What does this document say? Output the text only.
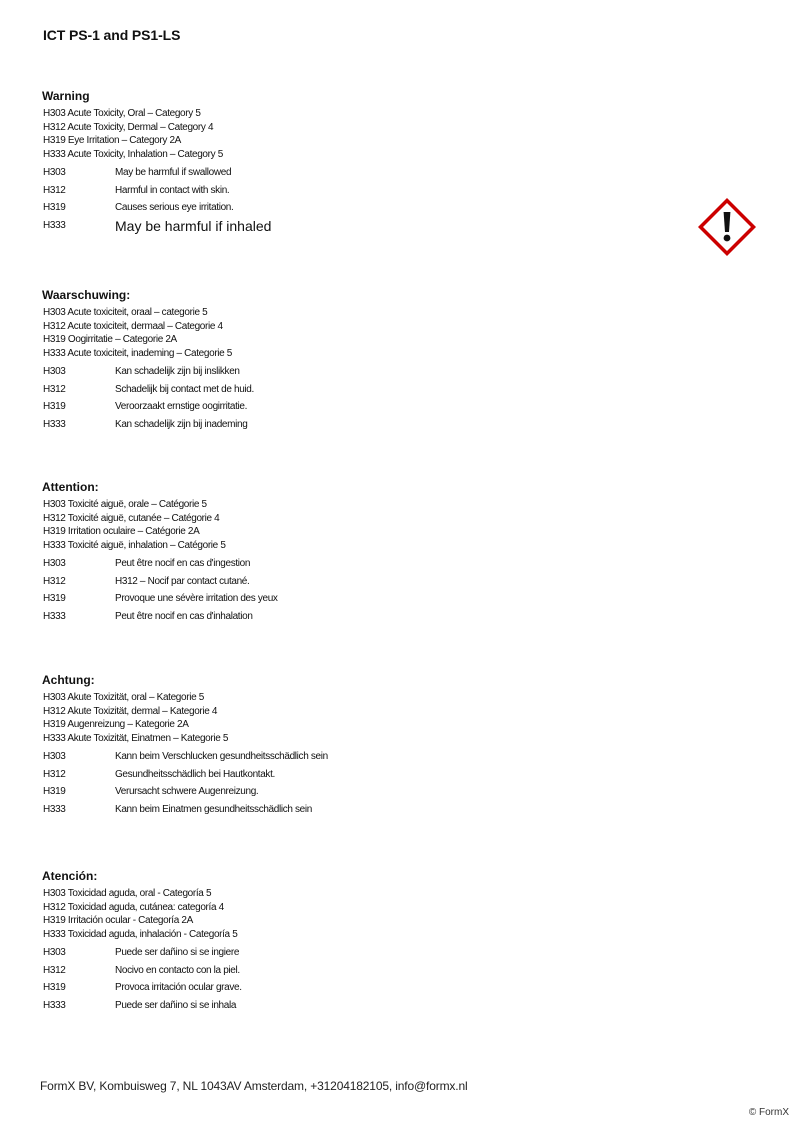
ICT PS-1 and PS1-LS
Warning
H303 Acute Toxicity, Oral – Category 5
H312 Acute Toxicity, Dermal – Category 4
H319 Eye Irritation – Category 2A
H333 Acute Toxicity, Inhalation – Category 5
H303	May be harmful if swallowed
H312	Harmful in contact with skin.
H319	Causes serious eye irritation.
H333	May be harmful if inhaled
Waarschuwing:
H303 Acute toxiciteit, oraal – categorie 5
H312 Acute toxiciteit, dermaal – Categorie 4
H319 Oogirritatie – Categorie 2A
H333 Acute toxiciteit, inademing – Categorie 5
H303	Kan schadelijk zijn bij inslikken
H312	Schadelijk bij contact met de huid.
H319	Veroorzaakt ernstige oogirritatie.
H333	Kan schadelijk zijn bij inademing
Attention:
H303 Toxicité aiguë, orale – Catégorie 5
H312 Toxicité aiguë, cutanée – Catégorie 4
H319 Irritation oculaire – Catégorie 2A
H333 Toxicité aiguë, inhalation – Catégorie 5
H303	Peut être nocif en cas d'ingestion
H312	H312 – Nocif par contact cutané.
H319	Provoque une sévère irritation des yeux
H333	Peut être nocif en cas d'inhalation
Achtung:
H303 Akute Toxizität, oral – Kategorie 5
H312 Akute Toxizität, dermal – Kategorie 4
H319 Augenreizung – Kategorie 2A
H333 Akute Toxizität, Einatmen – Kategorie 5
H303	Kann beim Verschlucken gesundheitsschädlich sein
H312	Gesundheitsschädlich bei Hautkontakt.
H319	Verursacht schwere Augenreizung.
H333	Kann beim Einatmen gesundheitsschädlich sein
Atención:
H303 Toxicidad aguda, oral - Categoría 5
H312 Toxicidad aguda, cutánea: categoría 4
H319 Irritación ocular - Categoría 2A
H333 Toxicidad aguda, inhalación - Categoría 5
H303	Puede ser dañino si se ingiere
H312	Nocivo en contacto con la piel.
H319	Provoca irritación ocular grave.
H333	Puede ser dañino si se inhala
FormX BV, Kombuisweg 7, NL 1043AV Amsterdam, +31204182105, info@formx.nl
© FormX
